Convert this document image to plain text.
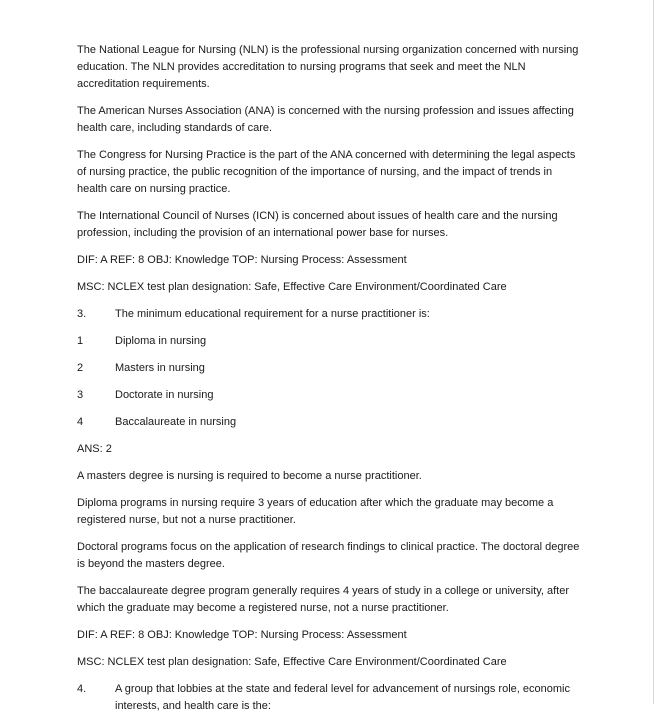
The National League for Nursing (NLN) is the professional nursing organization concerned with nursing education. The NLN provides accreditation to nursing programs that seek and meet the NLN accreditation requirements.

The American Nurses Association (ANA) is concerned with the nursing profession and issues affecting health care, including standards of care.

The Congress for Nursing Practice is the part of the ANA concerned with determining the legal aspects of nursing practice, the public recognition of the importance of nursing, and the impact of trends in health care on nursing practice.

The International Council of Nurses (ICN) is concerned about issues of health care and the nursing profession, including the provision of an international power base for nurses.

DIF: A REF: 8 OBJ: Knowledge TOP: Nursing Process: Assessment

MSC: NCLEX test plan designation: Safe, Effective Care Environment/Coordinated Care

3.	The minimum educational requirement for a nurse practitioner is:
1	Diploma in nursing
2	Masters in nursing
3	Doctorate in nursing
4	Baccalaureate in nursing

ANS: 2

A masters degree is nursing is required to become a nurse practitioner.

Diploma programs in nursing require 3 years of education after which the graduate may become a registered nurse, but not a nurse practitioner.

Doctoral programs focus on the application of research findings to clinical practice. The doctoral degree is beyond the masters degree.

The baccalaureate degree program generally requires 4 years of study in a college or university, after which the graduate may become a registered nurse, not a nurse practitioner.

DIF: A REF: 8 OBJ: Knowledge TOP: Nursing Process: Assessment

MSC: NCLEX test plan designation: Safe, Effective Care Environment/Coordinated Care

4.	A group that lobbies at the state and federal level for advancement of nursings role, economic interests, and health care is the:
